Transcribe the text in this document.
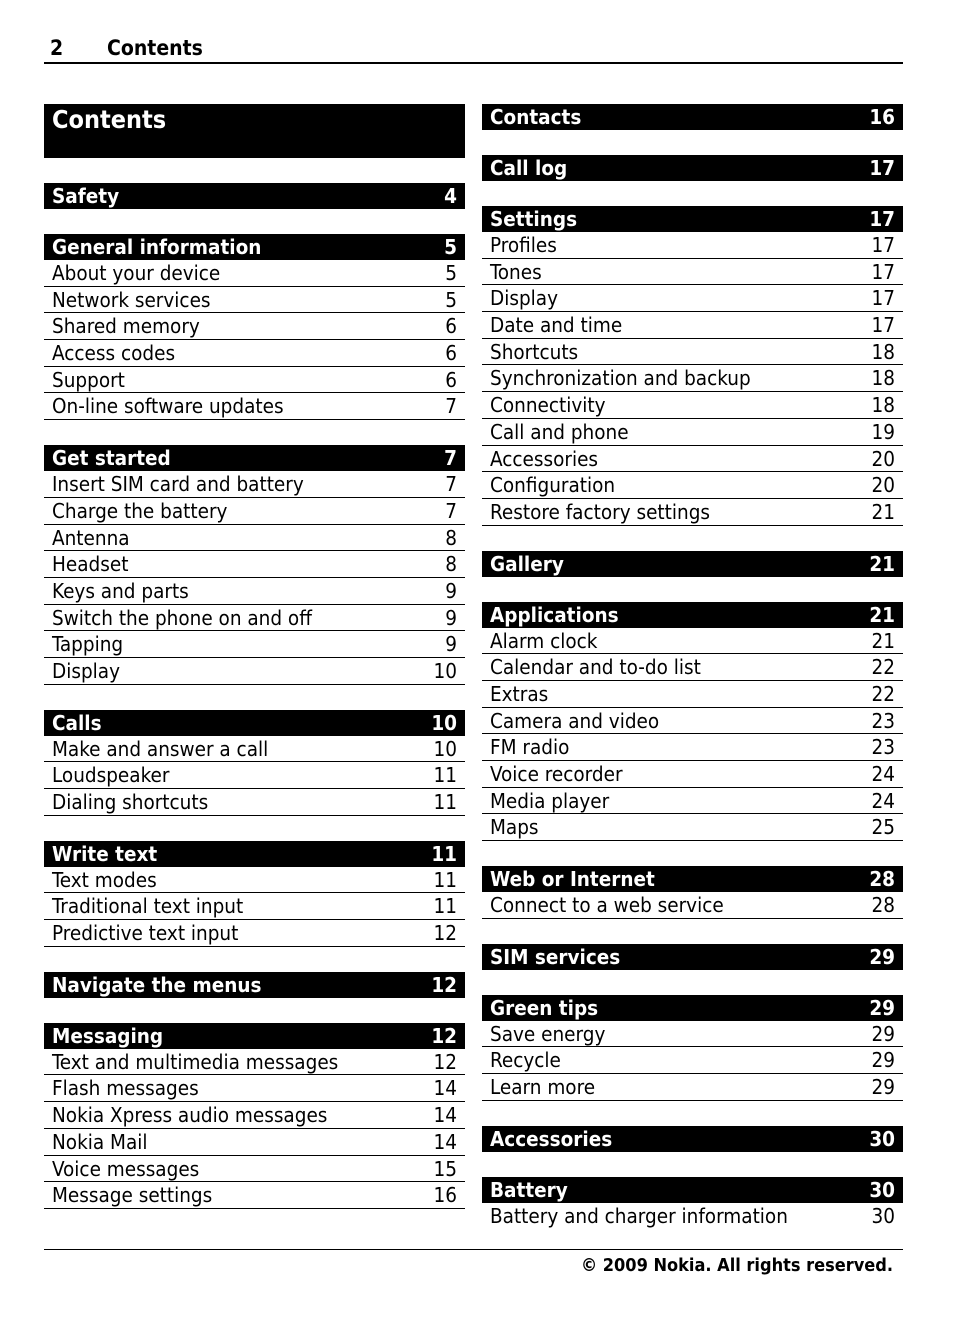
2 Contents
Contents
Safety	4
General information	5
About your device	5
Network services	5
Shared memory	6
Access codes	6
Support	6
On-line software updates	7
Get started	7
Insert SIM card and battery	7
Charge the battery	7
Antenna	8
Headset	8
Keys and parts	9
Switch the phone on and off	9
Tapping	9
Display	10
Calls	10
Make and answer a call	10
Loudspeaker	11
Dialing shortcuts	11
Write text	11
Text modes	11
Traditional text input	11
Predictive text input	12
Navigate the menus	12
Messaging	12
Text and multimedia messages	12
Flash messages	14
Nokia Xpress audio messages	14
Nokia Mail	14
Voice messages	15
Message settings	16
Contacts	16
Call log	17
Settings	17
Profiles	17
Tones	17
Display	17
Date and time	17
Shortcuts	18
Synchronization and backup	18
Connectivity	18
Call and phone	19
Accessories	20
Configuration	20
Restore factory settings	21
Gallery	21
Applications	21
Alarm clock	21
Calendar and to-do list	22
Extras	22
Camera and video	23
FM radio	23
Voice recorder	24
Media player	24
Maps	25
Web or Internet	28
Connect to a web service	28
SIM services	29
Green tips	29
Save energy	29
Recycle	29
Learn more	29
Accessories	30
Battery	30
Battery and charger information	30
© 2009 Nokia. All rights reserved.
